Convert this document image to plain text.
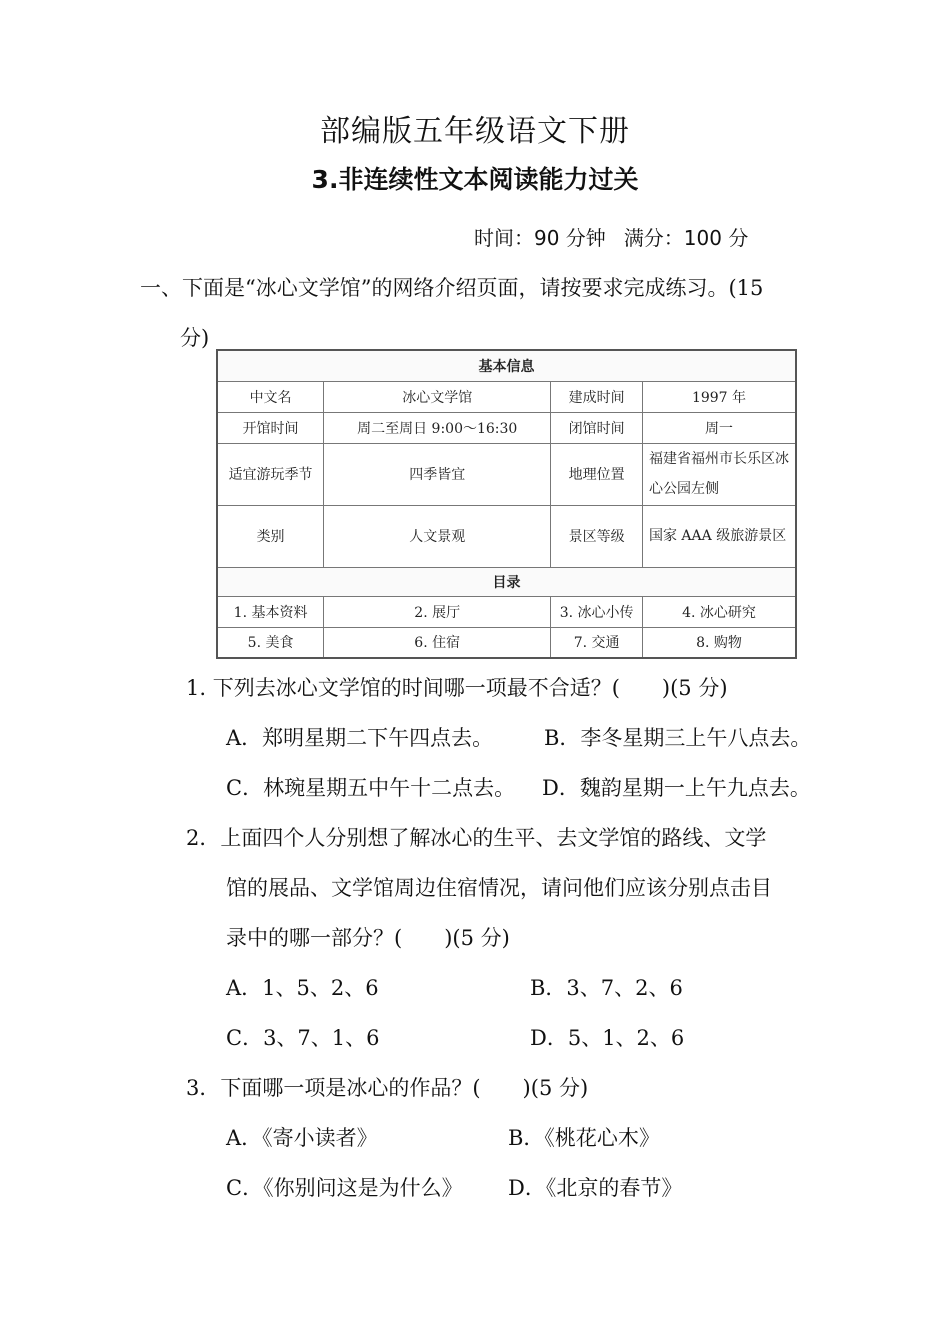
部编版五年级语文下册
3.非连续性文本阅读能力过关
时间：90 分钟 满分：100 分
一、下面是“冰心文学馆”的网络介绍页面，请按要求完成练习。(15
分)
基本信息			
中文名	冰心文学馆	建成时间	1997 年
开馆时间	周二至周日 9:00～16:30	闭馆时间	周一
适宜游玩季节	四季皆宜	地理位置	福建省福州市长乐区冰心公园左侧
类别	人文景观	景区等级	国家 AAA 级旅游景区
目录			
1. 基本资料	2. 展厅	3. 冰心小传	4. 冰心研究
5. 美食	6. 住宿	7. 交通	8. 购物
1. 下列去冰心文学馆的时间哪一项最不合适？(　　)(5 分)
A．郑明星期二下午四点去。 B．李冬星期三上午八点去。
C．林琬星期五中午十二点去。 D．魏韵星期一上午九点去。
2．上面四个人分别想了解冰心的生平、去文学馆的路线、文学
馆的展品、文学馆周边住宿情况，请问他们应该分别点击目
录中的哪一部分？(　　)(5 分)
A．1、5、2、6	B．3、7、2、6
C．3、7、1、6	D．5、1、2、6
3．下面哪一项是冰心的作品？(　　)(5 分)
A．《寄小读者》	B．《桃花心木》
C．《你别问这是为什么》 D．《北京的春节》
